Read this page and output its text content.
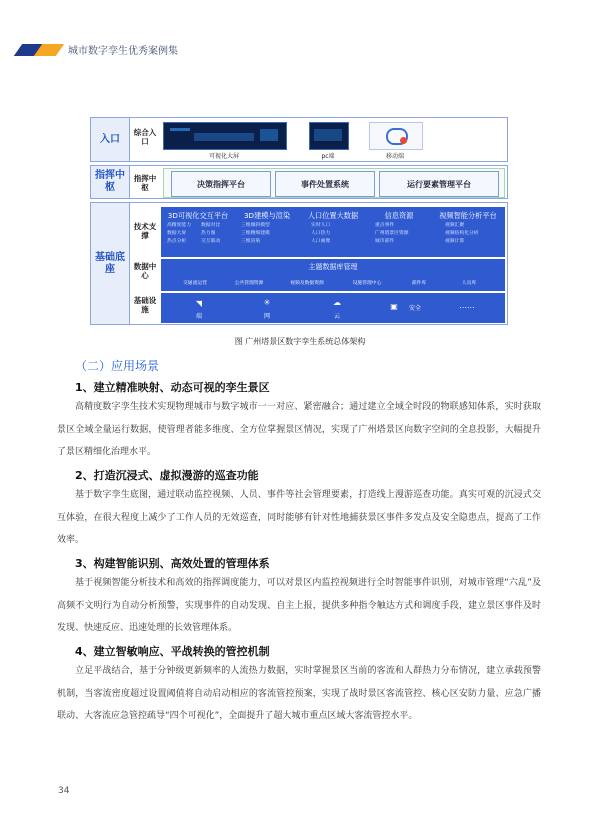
城市数字孪生优秀案例集
入口
综合入口
可视化大屏	pc端	移动端
指挥中枢
指挥中枢	决策指挥平台	事件处置系统	运行要素管理平台
基础底座
技术支撑
3D可视化交互平台
高精度能力
数据大屏
热点分析
数据对比
热力图
交互联动
3D建模与渲染
三维倾斜模型
三维精细建模
三维渲染
人口位置大数据
实时人口
人口热力
人口画像
信息资源
重点事件
广州塔景区资源
城市部件
视频智能分析平台
视频汇聚
视频结构化分析
视频计算
数据中心
主题数据库管理
交通流运营	公共管理资源	视频及数据资源	设施管理中心	部件库	人员库
基础设施
◥
端
✳
网
☁
云
▣	安全	......
图 广州塔景区数字孪生系统总体架构
（二）应用场景
1、建立精准映射、动态可视的孪生景区
高精度数字孪生技术实现物理城市与数字城市一一对应、紧密融合；通过建立全域全时段的物联感知体系，实时获取景区全域全量运行数据，使管理者能多维度、全方位掌握景区情况，实现了广州塔景区向数字空间的全息投影，大幅提升了景区精细化治理水平。
2、打造沉浸式、虚拟漫游的巡查功能
基于数字孪生底图，通过联动监控视频、人员、事件等社会管理要素，打造线上漫游巡查功能。真实可观的沉浸式交互体验，在很大程度上减少了工作人员的无效巡查，同时能够有针对性地捕获景区事件多发点及安全隐患点，提高了工作效率。
3、构建智能识别、高效处置的管理体系
基于视频智能分析技术和高效的指挥调度能力，可以对景区内监控视频进行全时智能事件识别，对城市管理“六乱”及高频不文明行为自动分析预警，实现事件的自动发现、自主上报，提供多种指令触达方式和调度手段，建立景区事件及时发现、快速反应、迅速处理的长效管理体系。
4、建立智敏响应、平战转换的管控机制
立足平战结合，基于分钟级更新频率的人流热力数据，实时掌握景区当前的客流和人群热力分布情况，建立承载预警机制，当客流密度超过设置阈值将自动启动相应的客流管控预案，实现了战时景区客流管控、核心区安防力量、应急广播联动、大客流应急管控疏导“四个可视化”，全面提升了超大城市重点区域大客流管控水平。
34
